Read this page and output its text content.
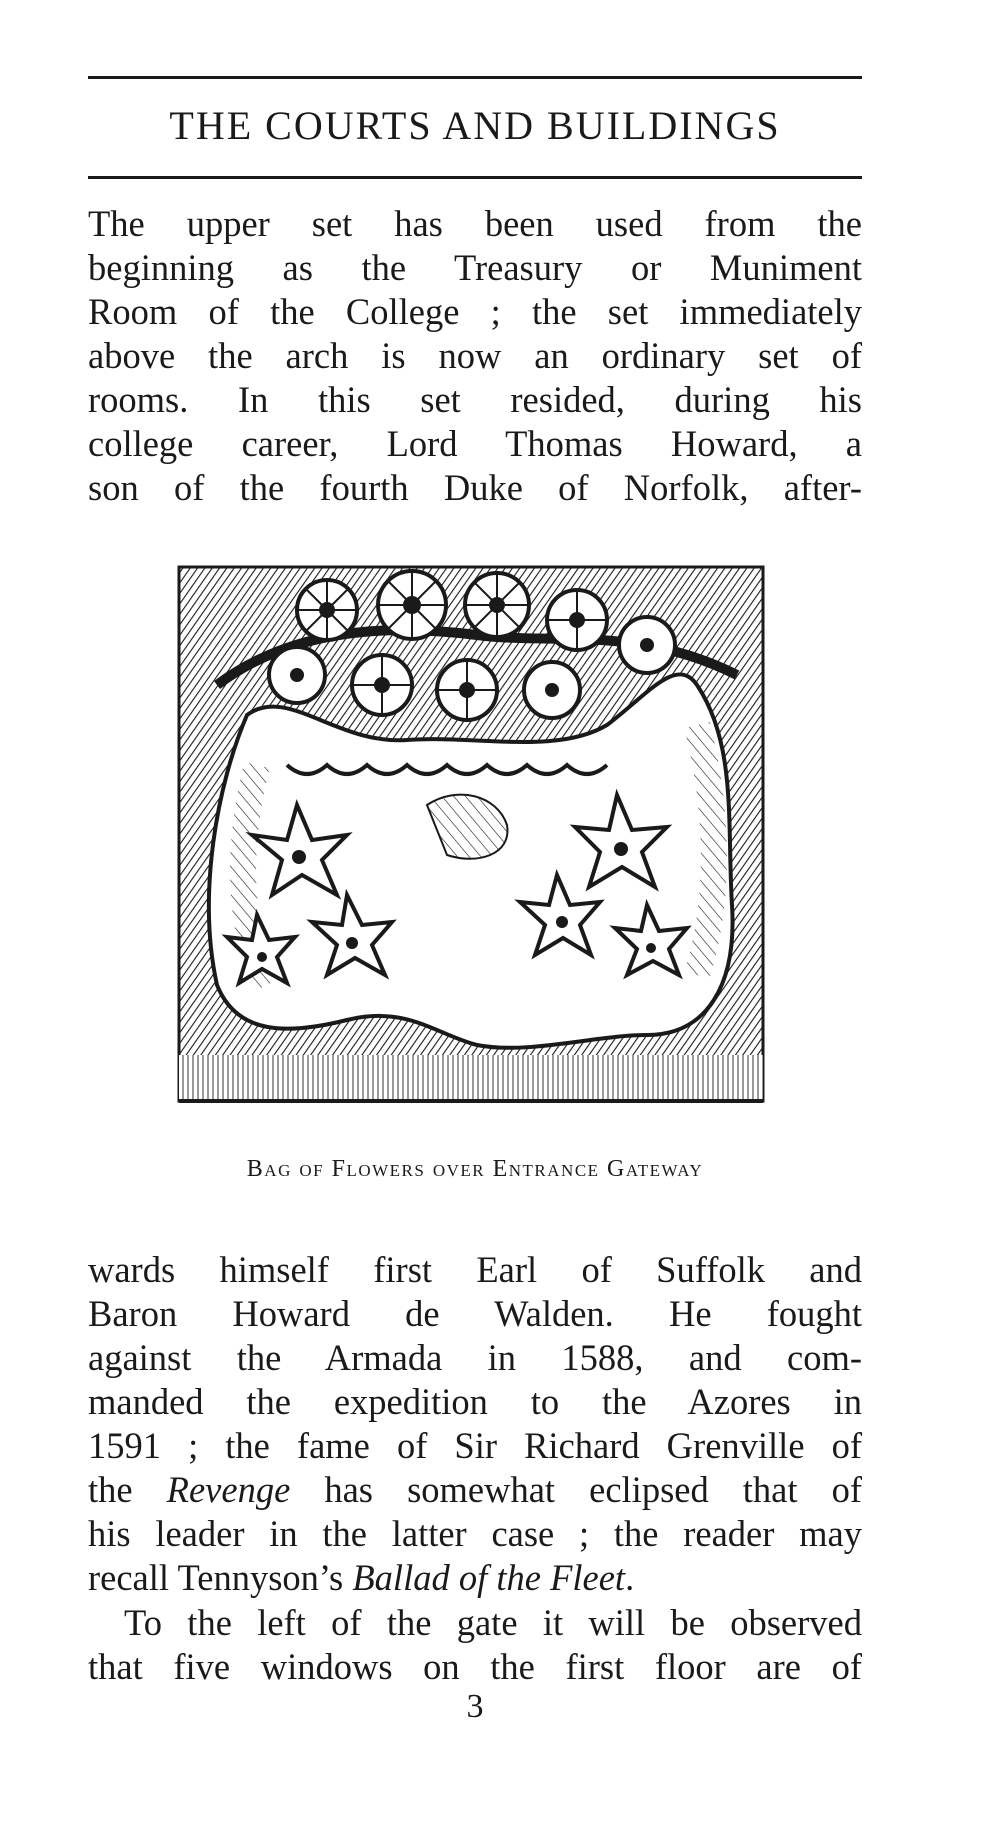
THE COURTS AND BUILDINGS
The upper set has been used from the
beginning as the Treasury or Muniment
Room of the College ; the set immediately
above the arch is now an ordinary set of
rooms. In this set resided, during his
college career, Lord Thomas Howard, a
son of the fourth Duke of Norfolk, after-
Bag of Flowers over Entrance Gateway
wards himself first Earl of Suffolk and
Baron Howard de Walden. He fought
against the Armada in 1588, and com-
manded the expedition to the Azores in
1591 ; the fame of Sir Richard Grenville of
the Revenge has somewhat eclipsed that of
his leader in the latter case ; the reader may
recall Tennyson’s Ballad of the Fleet.
To the left of the gate it will be observed
that five windows on the first floor are of
3
